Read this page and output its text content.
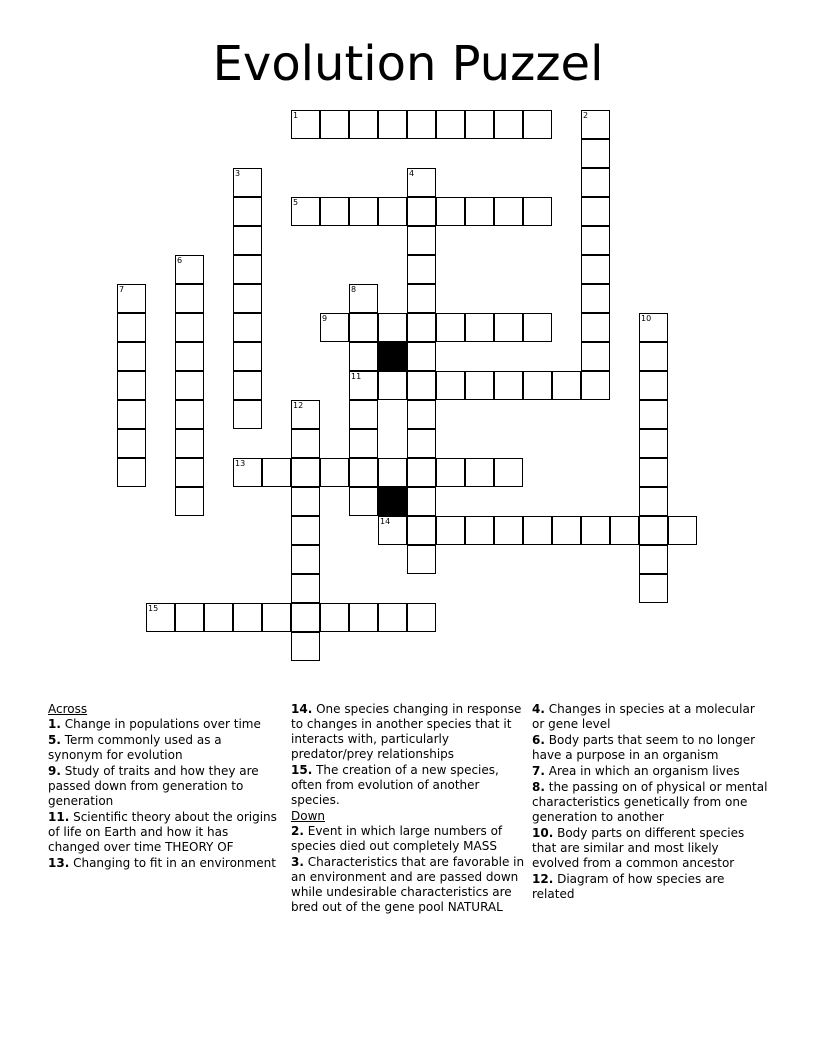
Evolution Puzzel
1	2
3	4
5
6
7	8
11
9	10
12
13
14
15
Across

1. Change in populations over time

5. Term commonly used as a synonym for evolution

9. Study of traits and how they are passed down from generation to generation

11. Scientific theory about the origins of life on Earth and how it has changed over time THEORY OF

13. Changing to fit in an environment

14. One species changing in response to changes in another species that it interacts with, particularly predator/prey relationships

15. The creation of a new species, often from evolution of another species.

Down

2. Event in which large numbers of species died out completely MASS

3. Characteristics that are favorable in an environment and are passed down while undesirable characteristics are bred out of the gene pool NATURAL

4. Changes in species at a molecular or gene level

6. Body parts that seem to no longer have a purpose in an organism

7. Area in which an organism lives

8. the passing on of physical or mental characteristics genetically from one generation to another

10. Body parts on different species that are similar and most likely evolved from a common ancestor

12. Diagram of how species are related
